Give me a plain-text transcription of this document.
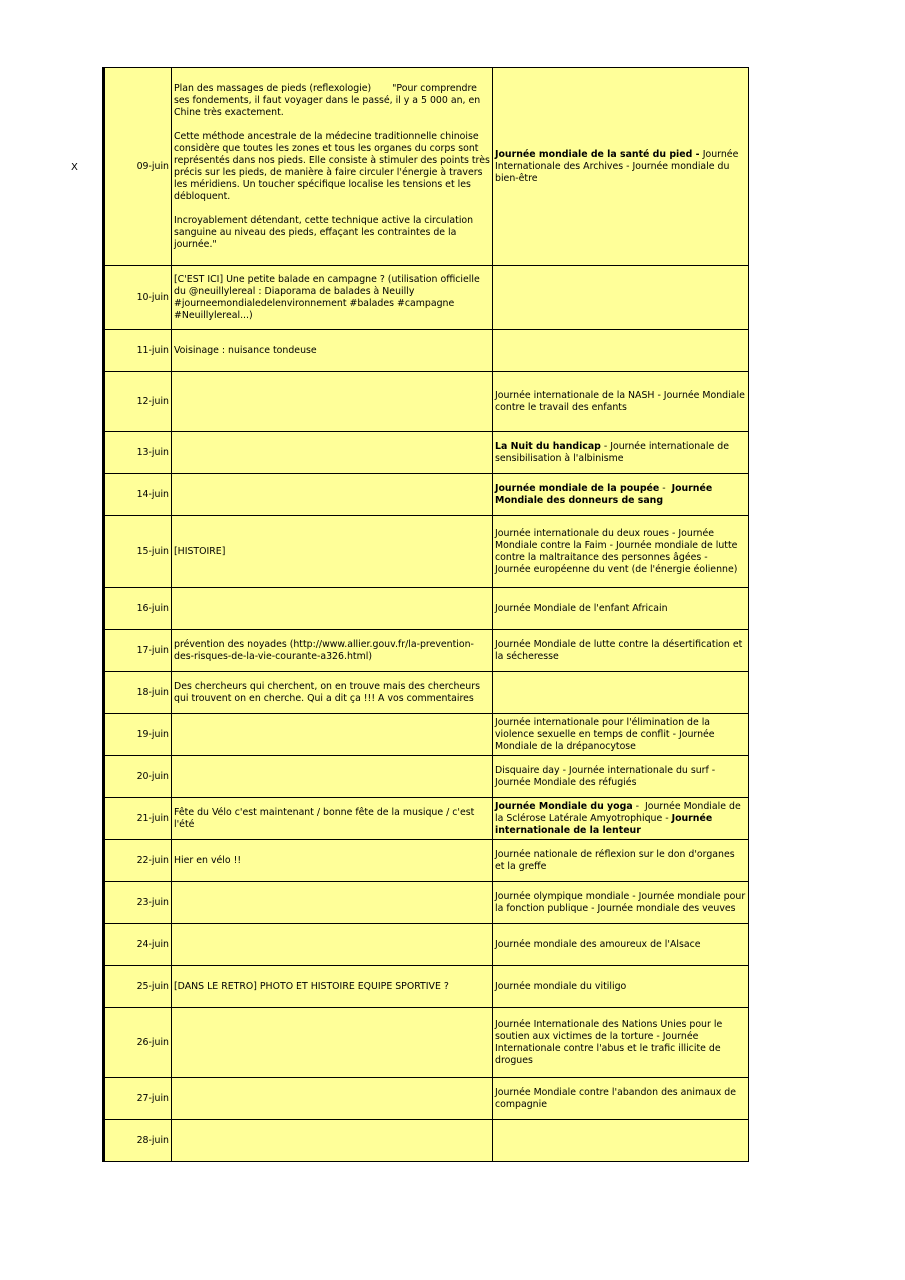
X	09-juin	Plan des massages de pieds (reflexologie)       "Pour comprendre ses fondements, il faut voyager dans le passé, il y a 5 000 an, en Chine très exactement.

Cette méthode ancestrale de la médecine traditionnelle chinoise considère que toutes les zones et tous les organes du corps sont représentés dans nos pieds. Elle consiste à stimuler des points très précis sur les pieds, de manière à faire circuler l'énergie à travers les méridiens. Un toucher spécifique localise les tensions et les débloquent.

Incroyablement détendant, cette technique active la circulation sanguine au niveau des pieds, effaçant les contraintes de la journée."	Journée mondiale de la santé du pied - Journée Internationale des Archives - Journée mondiale du bien-être
10-juin	[C'EST ICI] Une petite balade en campagne ? (utilisation officielle du @neuillylereal : Diaporama de balades à Neuilly #journeemondialedelenvironnement #balades #campagne #Neuillylereal...)	
11-juin	Voisinage : nuisance tondeuse	
12-juin		Journée internationale de la NASH - Journée Mondiale contre le travail des enfants
13-juin		La Nuit du handicap - Journée internationale de sensibilisation à l'albinisme
14-juin		Journée mondiale de la poupée -  Journée Mondiale des donneurs de sang
15-juin	[HISTOIRE]	Journée internationale du deux roues - Journée Mondiale contre la Faim - Journée mondiale de lutte contre la maltraitance des personnes âgées - Journée européenne du vent (de l'énergie éolienne)
16-juin		Journée Mondiale de l'enfant Africain
17-juin	prévention des noyades (http://www.allier.gouv.fr/la-prevention-des-risques-de-la-vie-courante-a326.html)	Journée Mondiale de lutte contre la désertification et la sécheresse
18-juin	Des chercheurs qui cherchent, on en trouve mais des chercheurs qui trouvent on en cherche. Qui a dit ça !!! A vos commentaires	
19-juin		Journée internationale pour l'élimination de la violence sexuelle en temps de conflit - Journée Mondiale de la drépanocytose
20-juin		Disquaire day - Journée internationale du surf - Journée Mondiale des réfugiés
21-juin	Fête du Vélo c'est maintenant / bonne fête de la musique / c'est l'été	Journée Mondiale du yoga -  Journée Mondiale de la Sclérose Latérale Amyotrophique - Journée internationale de la lenteur
22-juin	Hier en vélo !!	Journée nationale de réflexion sur le don d'organes et la greffe
23-juin		Journée olympique mondiale - Journée mondiale pour la fonction publique - Journée mondiale des veuves
24-juin		Journée mondiale des amoureux de l'Alsace
25-juin	[DANS LE RETRO] PHOTO ET HISTOIRE EQUIPE SPORTIVE ?	Journée mondiale du vitiligo
26-juin		Journée Internationale des Nations Unies pour le soutien aux victimes de la torture - Journée Internationale contre l'abus et le trafic illicite de drogues
27-juin		Journée Mondiale contre l'abandon des animaux de compagnie
28-juin		
